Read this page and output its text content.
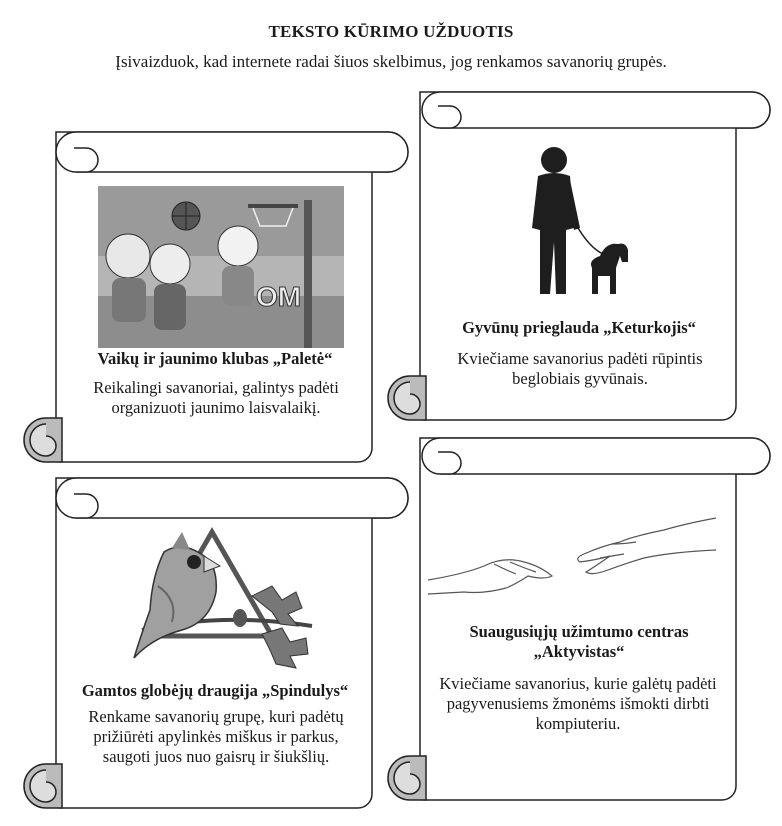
TEKSTO KŪRIMO UŽDUOTIS
Įsivaizduok, kad internete radai šiuos skelbimus, jog renkamos savanorių grupės.
OM
Vaikų ir jaunimo klubas „Paletė“
Reikalingi savanoriai, galintys padėti organizuoti jaunimo laisvalaikį.
Gyvūnų prieglauda „Keturkojis“
Kviečiame savanorius padėti rūpintis beglobiais gyvūnais.
Gamtos globėjų draugija „Spindulys“
Renkame savanorių grupę, kuri padėtų prižiūrėti apylinkės miškus ir parkus, saugoti juos nuo gaisrų ir šiukšlių.
Suaugusiųjų užimtumo centras „Aktyvistas“
Kviečiame savanorius, kurie galėtų padėti pagyvenusiems žmonėms išmokti dirbti kompiuteriu.
